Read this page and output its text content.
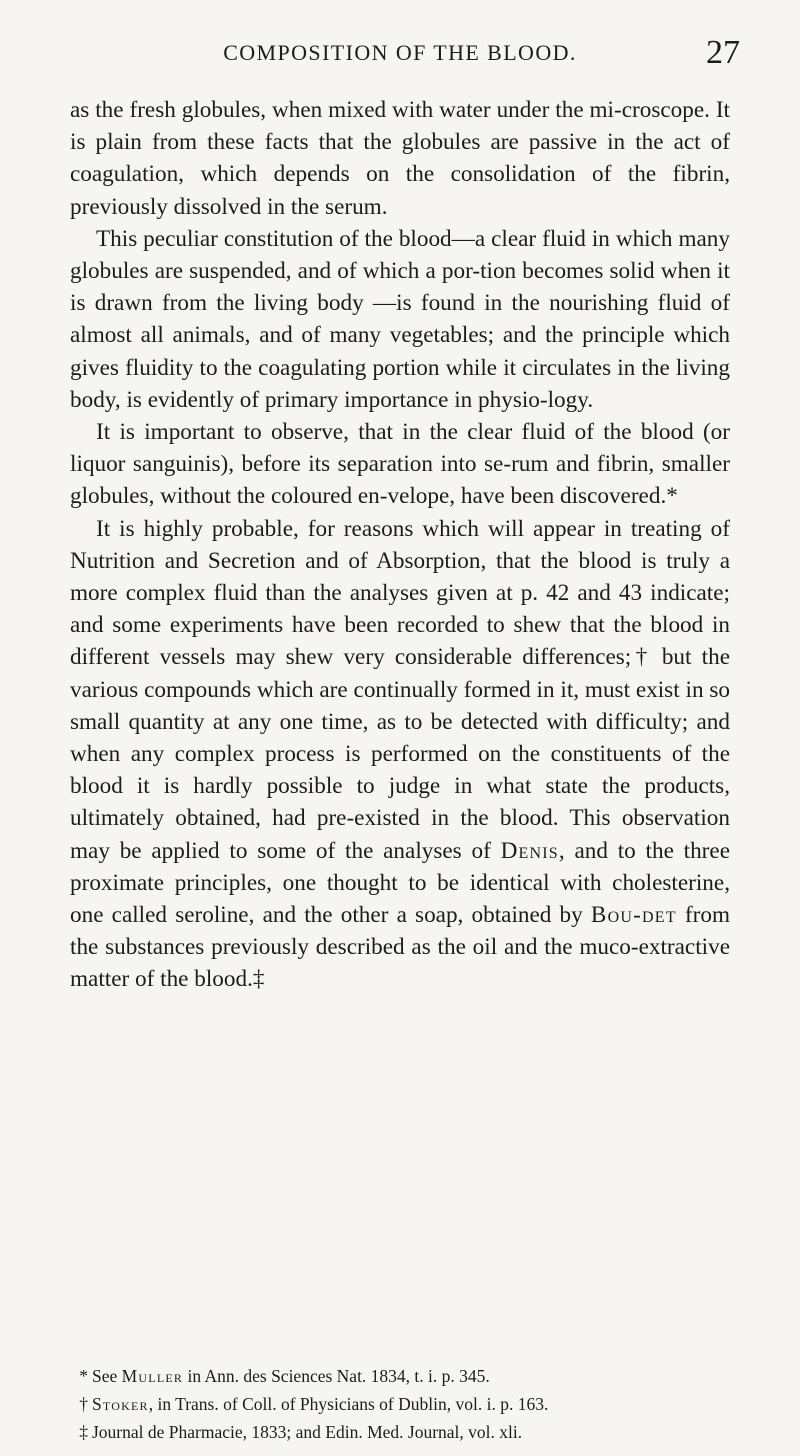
COMPOSITION OF THE BLOOD.	27

as the fresh globules, when mixed with water under the mi-croscope. It is plain from these facts that the globules are passive in the act of coagulation, which depends on the consolidation of the fibrin, previously dissolved in the serum.

This peculiar constitution of the blood—a clear fluid in which many globules are suspended, and of which a por-tion becomes solid when it is drawn from the living body —is found in the nourishing fluid of almost all animals, and of many vegetables; and the principle which gives fluidity to the coagulating portion while it circulates in the living body, is evidently of primary importance in physio-logy.

It is important to observe, that in the clear fluid of the blood (or liquor sanguinis), before its separation into se-rum and fibrin, smaller globules, without the coloured en-velope, have been discovered.*

It is highly probable, for reasons which will appear in treating of Nutrition and Secretion and of Absorption, that the blood is truly a more complex fluid than the analyses given at p. 42 and 43 indicate; and some experiments have been recorded to shew that the blood in different vessels may shew very considerable differences;† but the various compounds which are continually formed in it, must exist in so small quantity at any one time, as to be detected with difficulty; and when any complex process is performed on the constituents of the blood it is hardly possible to judge in what state the products, ultimately obtained, had pre-existed in the blood. This observation may be applied to some of the analyses of Denis, and to the three proximate principles, one thought to be identical with cholesterine, one called seroline, and the other a soap, obtained by Bou-det from the substances previously described as the oil and the muco-extractive matter of the blood.‡

* See Muller in Ann. des Sciences Nat. 1834, t. i. p. 345.
† Stoker, in Trans. of Coll. of Physicians of Dublin, vol. i. p. 163.
‡ Journal de Pharmacie, 1833; and Edin. Med. Journal, vol. xli.
